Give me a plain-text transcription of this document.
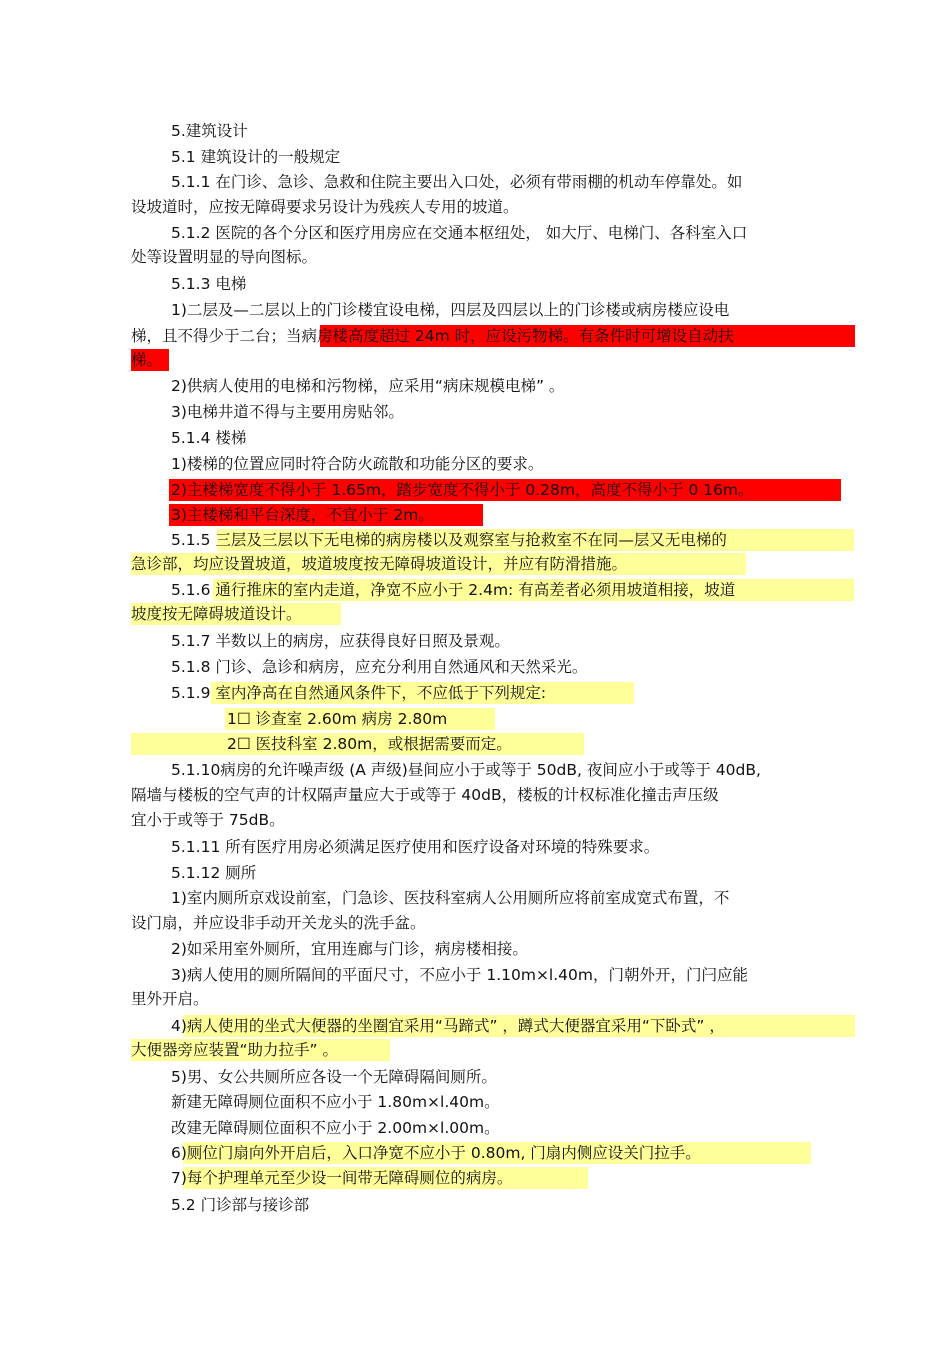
5.建筑设计
5.1 建筑设计的一般规定
5.1.1 在门诊、急诊、急救和住院主要出入口处，必须有带雨棚的机动车停靠处。如
设坡道时，应按无障碍要求另设计为残疾人专用的坡道。
5.1.2 医院的各个分区和医疗用房应在交通本枢纽处， 如大厅、电梯门、各科室入口
处等设置明显的导向图标。
5.1.3 电梯
1)二层及—二层以上的门诊楼宜设电梯，四层及四层以上的门诊楼或病房楼应设电
梯，且不得少于二台；当病房楼高度超过 24m 时，应设污物梯。有条件时可增设自动扶
梯。
2)供病人使用的电梯和污物梯，应采用“病床规模电梯” 。
3)电梯井道不得与主要用房贴邻。
5.1.4 楼梯
1)楼梯的位置应同时符合防火疏散和功能分区的要求。
2)主楼梯宽度不得小于 1.65m，踏步宽度不得小于 0.28m，高度不得小于 0 16m。
3)主楼梯和平台深度，不宜小于 2m。
5.1.5 三层及三层以下无电梯的病房楼以及观察室与抢救室不在同—层又无电梯的
急诊部，均应设置坡道，坡道坡度按无障碍坡道设计，并应有防滑措施。
5.1.6 通行推床的室内走道，净宽不应小于 2.4m: 有高差者必须用坡道相接，坡道
坡度按无障碍坡道设计。
5.1.7 半数以上的病房，应获得良好日照及景观。
5.1.8 门诊、急诊和病房，应充分利用自然通风和天然采光。
5.1.9 室内净高在自然通风条件下，不应低于下列规定:
1☐ 诊查室 2.60m 病房 2.80m
2☐ 医技科室 2.80m，或根据需要而定。
5.1.10病房的允许噪声级 (A 声级)昼间应小于或等于 50dB, 夜间应小于或等于 40dB,
隔墙与楼板的空气声的计权隔声量应大于或等于 40dB，楼板的计权标准化撞击声压级
宜小于或等于 75dB。
5.1.11 所有医疗用房必须满足医疗使用和医疗设备对环境的特殊要求。
5.1.12 厕所
1)室内厕所京戏设前室，门急诊、医技科室病人公用厕所应将前室成宽式布置，不
设门扇，并应设非手动开关龙头的洗手盆。
2)如采用室外厕所，宜用连廊与门诊，病房楼相接。
3)病人使用的厕所隔间的平面尺寸，不应小于 1.10m×l.40m，门朝外开，门闩应能
里外开启。
4)病人使用的坐式大便器的坐圈宜采用“马蹄式” ，蹲式大便器宜采用“下卧式” ，
大便器旁应装置“助力拉手” 。
5)男、女公共厕所应各设一个无障碍隔间厕所。
新建无障碍厕位面积不应小于 1.80m×l.40m。
改建无障碍厕位面积不应小于 2.00m×l.00m。
6)厕位门扇向外开启后，入口净宽不应小于 0.80m, 门扇内侧应设关门拉手。
7)每个护理单元至少设一间带无障碍厕位的病房。
5.2 门诊部与接诊部
